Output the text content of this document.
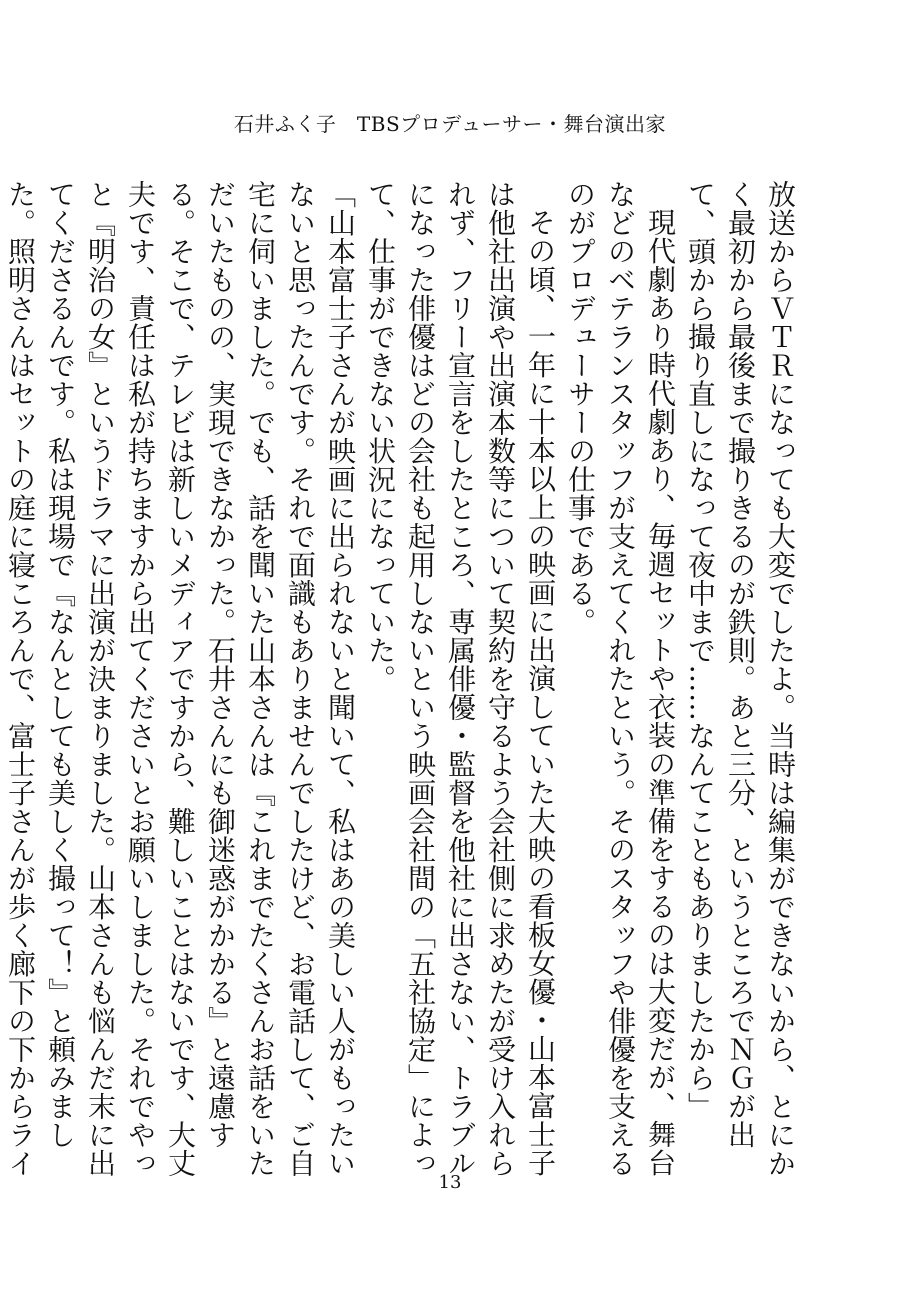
石井ふく子　TBSプロデューサー・舞台演出家

放送からＶＴＲになっても大変でしたよ。当時は編集ができないから、とにかく最初から最後まで撮りきるのが鉄則。あと三分、というところでＮＧが出て、頭から撮り直しになって夜中まで……なんてこともありましたから」

現代劇あり時代劇あり、毎週セットや衣装の準備をするのは大変だが、舞台などのベテランスタッフが支えてくれたという。そのスタッフや俳優を支えるのがプロデューサーの仕事である。

その頃、一年に十本以上の映画に出演していた大映の看板女優・山本富士子は他社出演や出演本数等について契約を守るよう会社側に求めたが受け入れられず、フリー宣言をしたところ、専属俳優・監督を他社に出さない、トラブルになった俳優はどの会社も起用しないという映画会社間の「五社協定」によって、仕事ができない状況になっていた。

「山本富士子さんが映画に出られないと聞いて、私はあの美しい人がもったいないと思ったんです。それで面識もありませんでしたけど、お電話して、ご自宅に伺いました。でも、話を聞いた山本さんは『これまでたくさんお話をいただいたものの、実現できなかった。石井さんにも御迷惑がかかる』と遠慮する。そこで、テレビは新しいメディアですから、難しいことはないです、大丈夫です、責任は私が持ちますから出てくださいとお願いしました。それでやっと『明治の女』というドラマに出演が決まりました。山本さんも悩んだ末に出てくださるんです。私は現場で『なんとしても美しく撮って！』と頼みました。照明さんはセットの庭に寝ころんで、富士子さんが歩く廊下の下からライ

13
